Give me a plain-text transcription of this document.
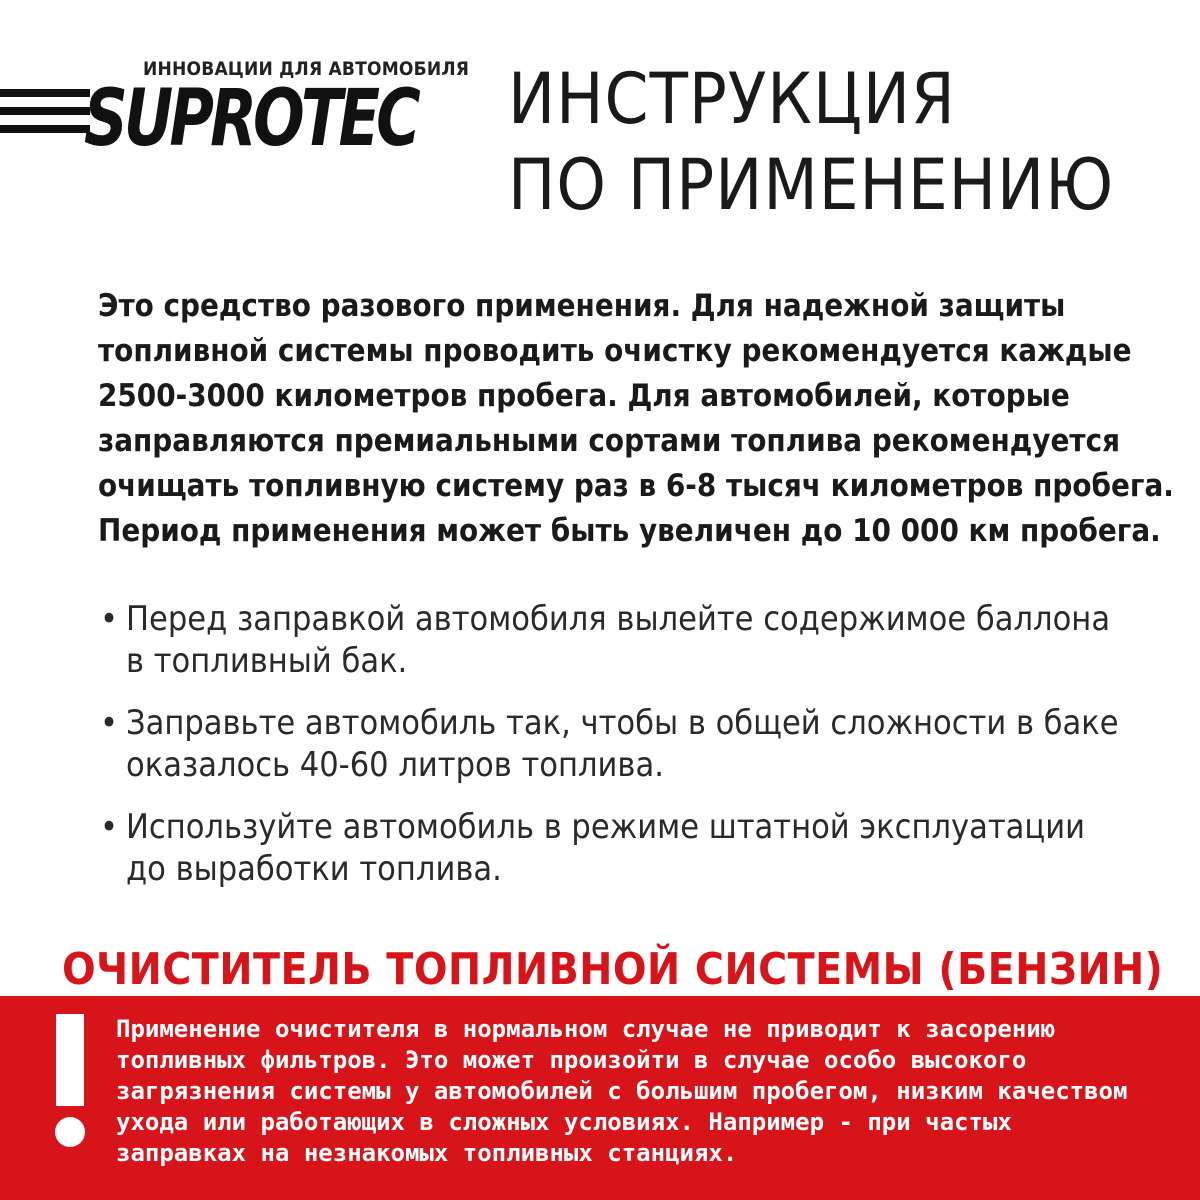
ИННОВАЦИИ ДЛЯ АВТОМОБИЛЯ
SUPROTEC ИНСТРУКЦИЯ
ПО ПРИМЕНЕНИЮ
Это средство разового применения. Для надежной защиты
топливной системы проводить очистку рекомендуется каждые
2500-3000 километров пробега. Для автомобилей, которые
заправляются премиальными сортами топлива рекомендуется
очищать топливную систему раз в 6-8 тысяч километров пробега.
Период применения может быть увеличен до 10 000 км пробега.
• Перед заправкой автомобиля вылейте содержимое баллона
в топливный бак.
• Заправьте автомобиль так, чтобы в общей сложности в баке
оказалось 40-60 литров топлива.
• Используйте автомобиль в режиме штатной эксплуатации
до выработки топлива.
ОЧИСТИТЕЛЬ ТОПЛИВНОЙ СИСТЕМЫ (БЕНЗИН)
Применение очистителя в нормальном случае не приводит к засорению
топливных фильтров. Это может произойти в случае особо высокого
загрязнения системы у автомобилей с большим пробегом, низким качеством
ухода или работающих в сложных условиях. Например - при частых
заправках на незнакомых топливных станциях.
